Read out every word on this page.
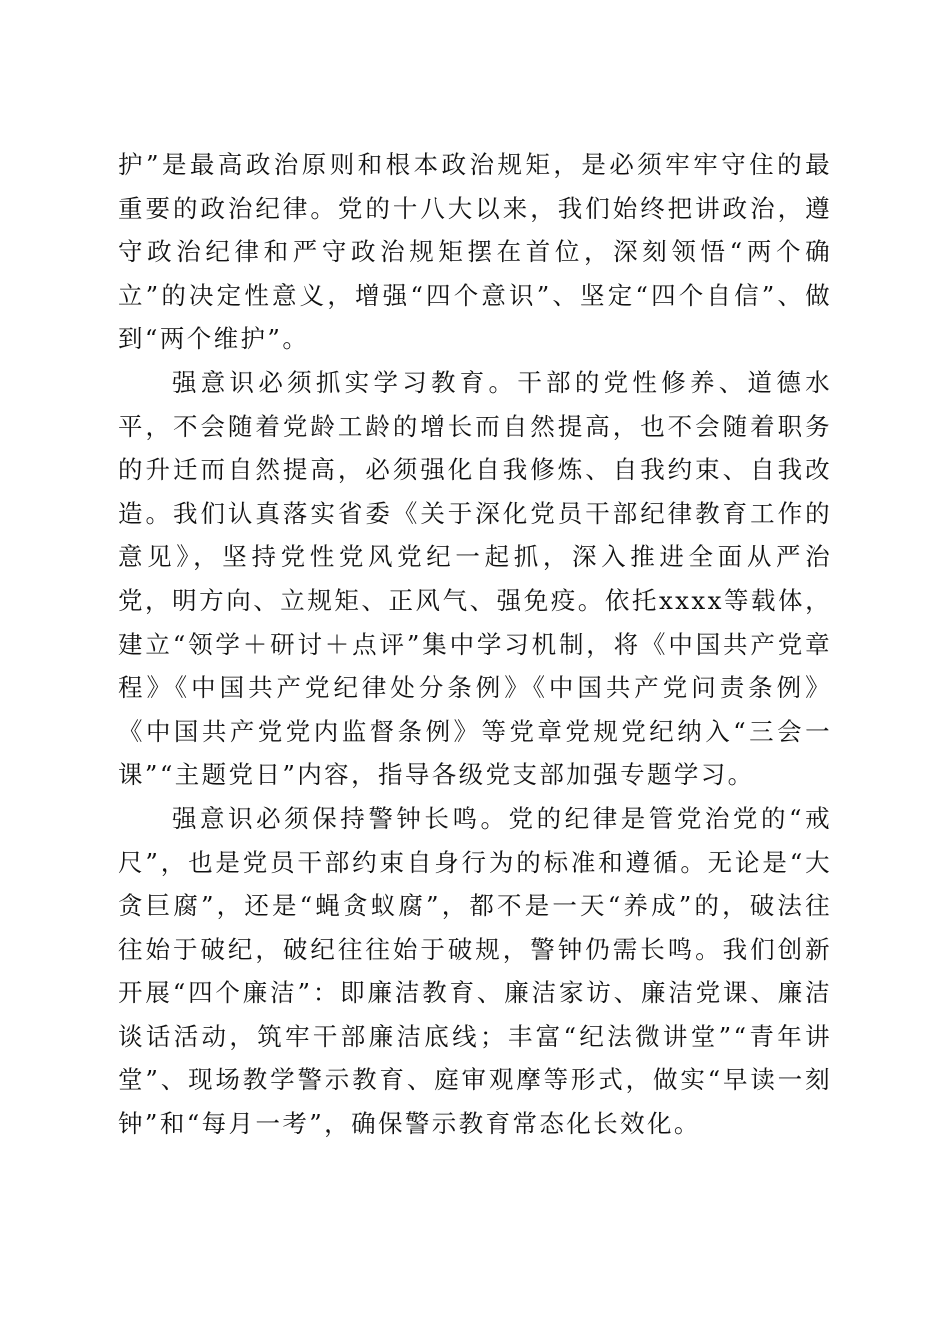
护”是最高政治原则和根本政治规矩，是必须牢牢守住的最重要的政治纪律。党的十八大以来，我们始终把讲政治，遵守政治纪律和严守政治规矩摆在首位，深刻领悟“两个确立”的决定性意义，增强“四个意识”、坚定“四个自信”、做到“两个维护”。

强意识必须抓实学习教育。干部的党性修养、道德水平，不会随着党龄工龄的增长而自然提高，也不会随着职务的升迁而自然提高，必须强化自我修炼、自我约束、自我改造。我们认真落实省委《关于深化党员干部纪律教育工作的意见》，坚持党性党风党纪一起抓，深入推进全面从严治党，明方向、立规矩、正风气、强免疫。依托xxxx等载体，建立“领学＋研讨＋点评”集中学习机制，将《中国共产党章程》《中国共产党纪律处分条例》《中国共产党问责条例》《中国共产党党内监督条例》等党章党规党纪纳入“三会一课”“主题党日”内容，指导各级党支部加强专题学习。

强意识必须保持警钟长鸣。党的纪律是管党治党的“戒尺”，也是党员干部约束自身行为的标准和遵循。无论是“大贪巨腐”，还是“蝇贪蚁腐”，都不是一天“养成”的，破法往往始于破纪，破纪往往始于破规，警钟仍需长鸣。我们创新开展“四个廉洁”：即廉洁教育、廉洁家访、廉洁党课、廉洁谈话活动，筑牢干部廉洁底线；丰富“纪法微讲堂”“青年讲堂”、现场教学警示教育、庭审观摩等形式，做实“早读一刻钟”和“每月一考”，确保警示教育常态化长效化。
